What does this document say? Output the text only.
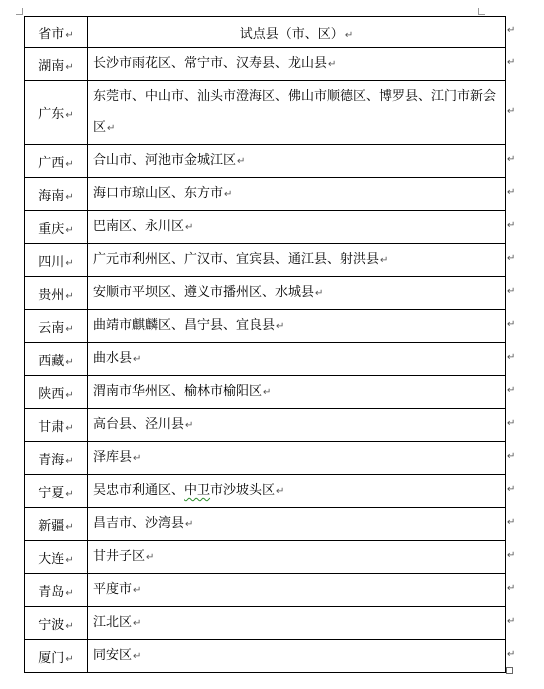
省市↵	试点县（市、区）↵
湖南↵	长沙市雨花区、常宁市、汉寿县、龙山县↵
广东↵	东莞市、中山市、汕头市澄海区、佛山市顺德区、博罗县、江门市新会区↵
广西↵	合山市、河池市金城江区↵
海南↵	海口市琼山区、东方市↵
重庆↵	巴南区、永川区↵
四川↵	广元市利州区、广汉市、宜宾县、通江县、射洪县↵
贵州↵	安顺市平坝区、遵义市播州区、水城县↵
云南↵	曲靖市麒麟区、昌宁县、宜良县↵
西藏↵	曲水县↵
陕西↵	渭南市华州区、榆林市榆阳区↵
甘肃↵	高台县、泾川县↵
青海↵	泽库县↵
宁夏↵	吴忠市利通区、中卫市沙坡头区↵
新疆↵	昌吉市、沙湾县↵
大连↵	甘井子区↵
青岛↵	平度市↵
宁波↵	江北区↵
厦门↵	同安区↵
↵
↵
↵
↵
↵
↵
↵
↵
↵
↵
↵
↵
↵
↵
↵
↵
↵
↵
↵
